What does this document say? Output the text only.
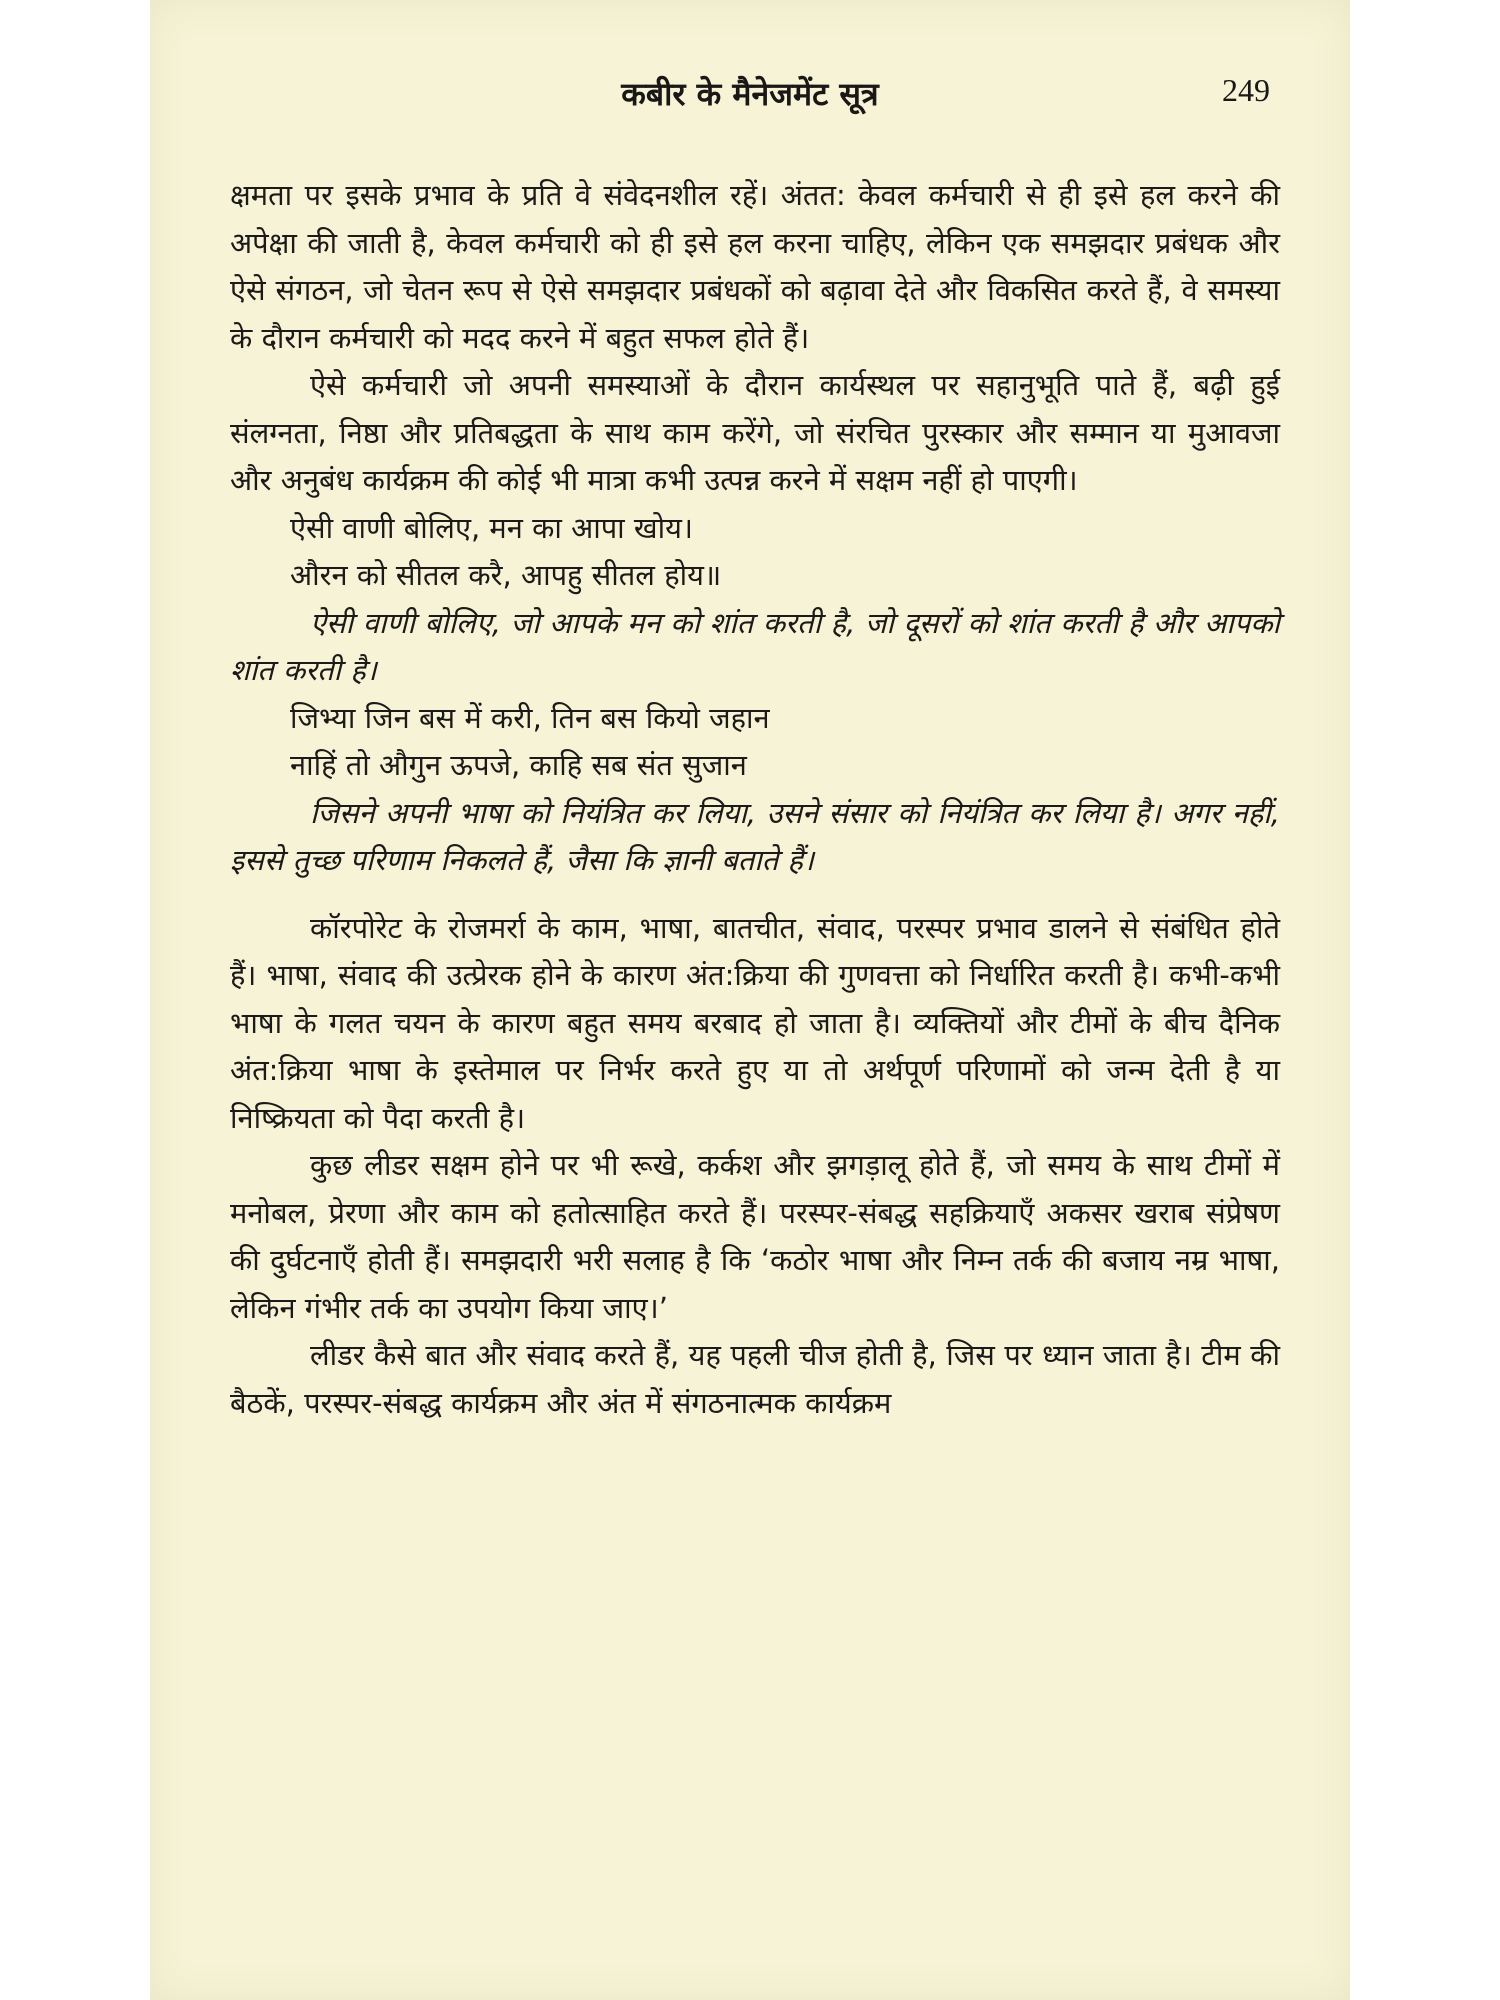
कबीर के मैनेजमेंट सूत्र	249

क्षमता पर इसके प्रभाव के प्रति वे संवेदनशील रहें। अंतत: केवल कर्मचारी से ही इसे हल करने की अपेक्षा की जाती है, केवल कर्मचारी को ही इसे हल करना चाहिए, लेकिन एक समझदार प्रबंधक और ऐसे संगठन, जो चेतन रूप से ऐसे समझदार प्रबंधकों को बढ़ावा देते और विकसित करते हैं, वे समस्या के दौरान कर्मचारी को मदद करने में बहुत सफल होते हैं।

ऐसे कर्मचारी जो अपनी समस्याओं के दौरान कार्यस्थल पर सहानुभूति पाते हैं, बढ़ी हुई संलग्नता, निष्ठा और प्रतिबद्धता के साथ काम करेंगे, जो संरचित पुरस्कार और सम्मान या मुआवजा और अनुबंध कार्यक्रम की कोई भी मात्रा कभी उत्पन्न करने में सक्षम नहीं हो पाएगी।

ऐसी वाणी बोलिए, मन का आपा खोय।

औरन को सीतल करै, आपहु सीतल होय॥

ऐसी वाणी बोलिए, जो आपके मन को शांत करती है, जो दूसरों को शांत करती है और आपको शांत करती है।

जिभ्या जिन बस में करी, तिन बस कियो जहान

नाहिं तो औगुन ऊपजे, काहि सब संत सुजान

जिसने अपनी भाषा को नियंत्रित कर लिया, उसने संसार को नियंत्रित कर लिया है। अगर नहीं, इससे तुच्छ परिणाम निकलते हैं, जैसा कि ज्ञानी बताते हैं।

कॉरपोरेट के रोजमर्रा के काम, भाषा, बातचीत, संवाद, परस्पर प्रभाव डालने से संबंधित होते हैं। भाषा, संवाद की उत्प्रेरक होने के कारण अंत:क्रिया की गुणवत्ता को निर्धारित करती है। कभी-कभी भाषा के गलत चयन के कारण बहुत समय बरबाद हो जाता है। व्यक्तियों और टीमों के बीच दैनिक अंत:क्रिया भाषा के इस्तेमाल पर निर्भर करते हुए या तो अर्थपूर्ण परिणामों को जन्म देती है या निष्क्रियता को पैदा करती है।

कुछ लीडर सक्षम होने पर भी रूखे, कर्कश और झगड़ालू होते हैं, जो समय के साथ टीमों में मनोबल, प्रेरणा और काम को हतोत्साहित करते हैं। परस्पर-संबद्ध सहक्रियाएँ अकसर खराब संप्रेषण की दुर्घटनाएँ होती हैं। समझदारी भरी सलाह है कि ‘कठोर भाषा और निम्न तर्क की बजाय नम्र भाषा, लेकिन गंभीर तर्क का उपयोग किया जाए।’

लीडर कैसे बात और संवाद करते हैं, यह पहली चीज होती है, जिस पर ध्यान जाता है। टीम की बैठकें, परस्पर-संबद्ध कार्यक्रम और अंत में संगठनात्मक कार्यक्रम
